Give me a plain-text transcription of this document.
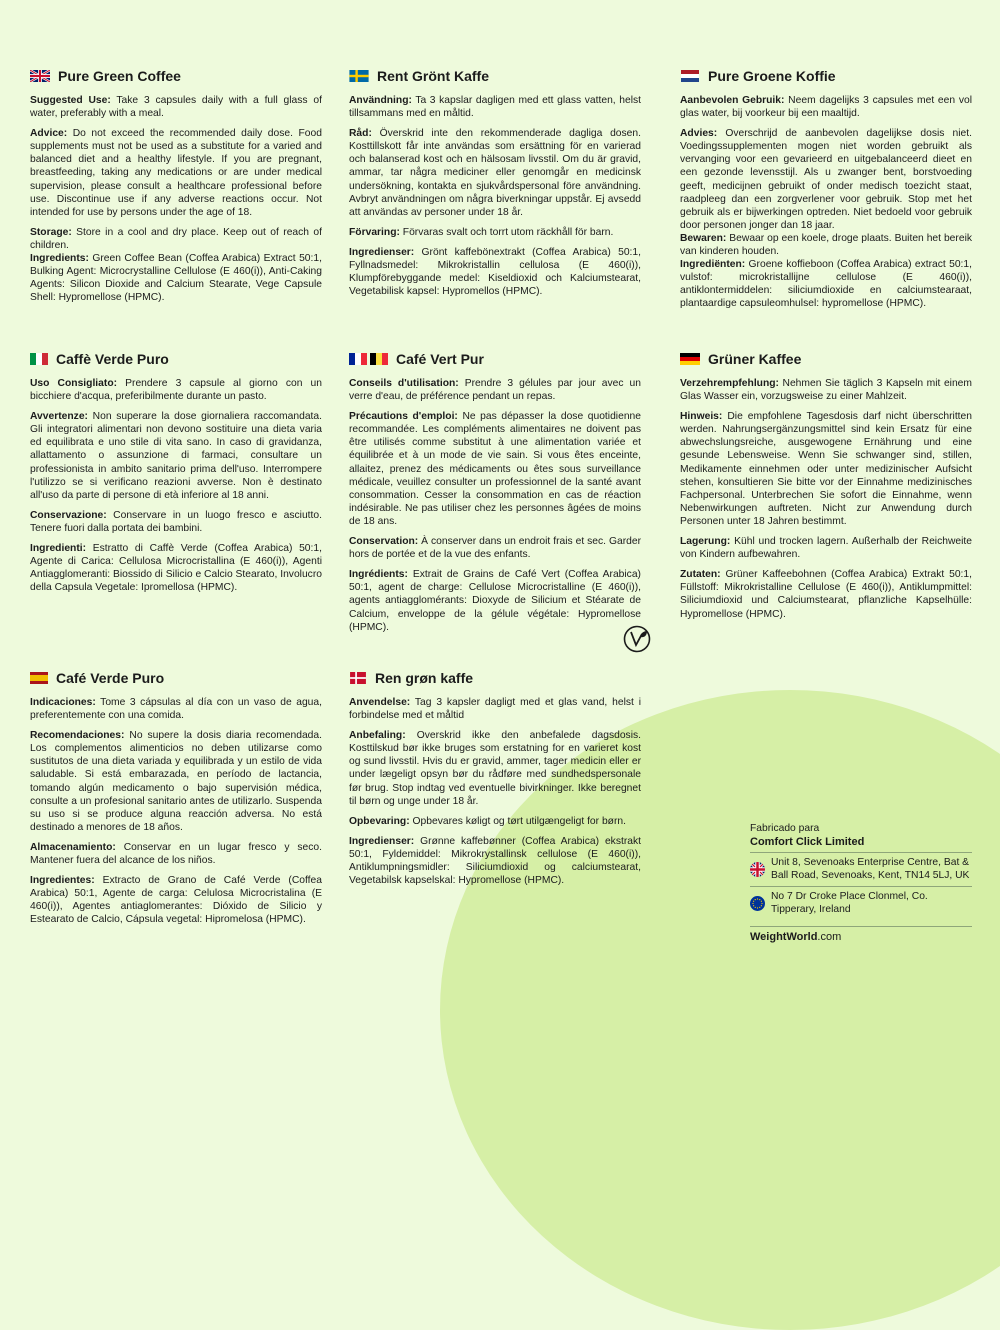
Pure Green Coffee

Suggested Use: Take 3 capsules daily with a full glass of water, preferably with a meal.

Advice: Do not exceed the recommended daily dose. Food supplements must not be used as a substitute for a varied and balanced diet and a healthy lifestyle. If you are pregnant, breastfeeding, taking any medications or are under medical supervision, please consult a healthcare professional before use. Discontinue use if any adverse reactions occur. Not intended for use by persons under the age of 18.

Storage: Store in a cool and dry place. Keep out of reach of children.

Ingredients: Green Coffee Bean (Coffea Arabica) Extract 50:1, Bulking Agent: Microcrystalline Cellulose (E 460(i)), Anti-Caking Agents: Silicon Dioxide and Calcium Stearate, Vege Capsule Shell: Hypromellose (HPMC).

Rent Grönt Kaffe

Användning: Ta 3 kapslar dagligen med ett glass vatten, helst tillsammans med en måltid.

Råd: Överskrid inte den rekommenderade dagliga dosen. Kosttillskott får inte användas som ersättning för en varierad och balanserad kost och en hälsosam livsstil. Om du är gravid, ammar, tar några mediciner eller genomgår en medicinsk undersökning, kontakta en sjukvårdspersonal före användning. Avbryt användningen om några biverkningar uppstår. Ej avsedd att användas av personer under 18 år.

Förvaring: Förvaras svalt och torrt utom räckhåll för barn.

Ingredienser: Grönt kaffebönextrakt (Coffea Arabica) 50:1, Fyllnadsmedel: Mikrokristallin cellulosa (E 460(i)), Klumpförebyggande medel: Kiseldioxid och Kalciumstearat, Vegetabilisk kapsel: Hypromellos (HPMC).

Pure Groene Koffie

Aanbevolen Gebruik: Neem dagelijks 3 capsules met een vol glas water, bij voorkeur bij een maaltijd.

Advies: Overschrijd de aanbevolen dagelijkse dosis niet. Voedingssupplementen mogen niet worden gebruikt als vervanging voor een gevarieerd en uitgebalanceerd dieet en een gezonde levensstijl. Als u zwanger bent, borstvoeding geeft, medicijnen gebruikt of onder medisch toezicht staat, raadpleeg dan een zorgverlener voor gebruik. Stop met het gebruik als er bijwerkingen optreden. Niet bedoeld voor gebruik door personen jonger dan 18 jaar.

Bewaren: Bewaar op een koele, droge plaats. Buiten het bereik van kinderen houden.

Ingrediënten: Groene koffieboon (Coffea Arabica) extract 50:1, vulstof: microkristallijne cellulose (E 460(i)), antiklontermiddelen: siliciumdioxide en calciumstearaat, plantaardige capsuleomhulsel: hypromellose (HPMC).

Caffè Verde Puro

Uso Consigliato: Prendere 3 capsule al giorno con un bicchiere d'acqua, preferibilmente durante un pasto.

Avvertenze: Non superare la dose giornaliera raccomandata. Gli integratori alimentari non devono sostituire una dieta varia ed equilibrata e uno stile di vita sano. In caso di gravidanza, allattamento o assunzione di farmaci, consultare un professionista in ambito sanitario prima dell'uso. Interrompere l'utilizzo se si verificano reazioni avverse. Non è destinato all'uso da parte di persone di età inferiore al 18 anni.

Conservazione: Conservare in un luogo fresco e asciutto. Tenere fuori dalla portata dei bambini.

Ingredienti: Estratto di Caffè Verde (Coffea Arabica) 50:1, Agente di Carica: Cellulosa Microcristallina (E 460(i)), Agenti Antiagglomeranti: Biossido di Silicio e Calcio Stearato, Involucro della Capsula Vegetale: Ipromellosa (HPMC).

Café Vert Pur

Conseils d'utilisation: Prendre 3 gélules par jour avec un verre d'eau, de préférence pendant un repas.

Précautions d'emploi: Ne pas dépasser la dose quotidienne recommandée. Les compléments alimentaires ne doivent pas être utilisés comme substitut à une alimentation variée et équilibrée et à un mode de vie sain. Si vous êtes enceinte, allaitez, prenez des médicaments ou êtes sous surveillance médicale, veuillez consulter un professionnel de la santé avant consommation. Cesser la consommation en cas de réaction indésirable. Ne pas utiliser chez les personnes âgées de moins de 18 ans.

Conservation: À conserver dans un endroit frais et sec. Garder hors de portée et de la vue des enfants.

Ingrédients: Extrait de Grains de Café Vert (Coffea Arabica) 50:1, agent de charge: Cellulose Microcristalline (E 460(i)), agents antiagglomérants: Dioxyde de Silicium et Stéarate de Calcium, enveloppe de la gélule végétale: Hypromellose (HPMC).

Grüner Kaffee

Verzehrempfehlung: Nehmen Sie täglich 3 Kapseln mit einem Glas Wasser ein, vorzugsweise zu einer Mahlzeit.

Hinweis: Die empfohlene Tagesdosis darf nicht überschritten werden. Nahrungsergänzungsmittel sind kein Ersatz für eine abwechslungsreiche, ausgewogene Ernährung und eine gesunde Lebensweise. Wenn Sie schwanger sind, stillen, Medikamente einnehmen oder unter medizinischer Aufsicht stehen, konsultieren Sie bitte vor der Einnahme medizinisches Fachpersonal. Unterbrechen Sie sofort die Einnahme, wenn Nebenwirkungen auftreten. Nicht zur Anwendung durch Personen unter 18 Jahren bestimmt.

Lagerung: Kühl und trocken lagern. Außerhalb der Reichweite von Kindern aufbewahren.

Zutaten: Grüner Kaffeebohnen (Coffea Arabica) Extrakt 50:1, Füllstoff: Mikrokristalline Cellulose (E 460(i)), Antiklumpmittel: Siliciumdioxid und Calciumstearat, pflanzliche Kapselhülle: Hypromellose (HPMC).

Café Verde Puro

Indicaciones: Tome 3 cápsulas al día con un vaso de agua, preferentemente con una comida.

Recomendaciones: No supere la dosis diaria recomendada. Los complementos alimenticios no deben utilizarse como sustitutos de una dieta variada y equilibrada y un estilo de vida saludable. Si está embarazada, en período de lactancia, tomando algún medicamento o bajo supervisión médica, consulte a un profesional sanitario antes de utilizarlo. Suspenda su uso si se produce alguna reacción adversa. No está destinado a menores de 18 años.

Almacenamiento: Conservar en un lugar fresco y seco. Mantener fuera del alcance de los niños.

Ingredientes: Extracto de Grano de Café Verde (Coffea Arabica) 50:1, Agente de carga: Celulosa Microcristalina (E 460(i)), Agentes antiaglomerantes: Dióxido de Silicio y Estearato de Calcio, Cápsula vegetal: Hipromelosa (HPMC).

Ren grøn kaffe

Anvendelse: Tag 3 kapsler dagligt med et glas vand, helst i forbindelse med et måltid

Anbefaling: Overskrid ikke den anbefalede dagsdosis. Kosttilskud bør ikke bruges som erstatning for en varieret kost og sund livsstil. Hvis du er gravid, ammer, tager medicin eller er under lægeligt opsyn bør du rådføre med sundhedspersonale før brug. Stop indtag ved eventuelle bivirkninger. Ikke beregnet til børn og unge under 18 år.

Opbevaring: Opbevares køligt og tørt utilgængeligt for børn.

Ingredienser: Grønne kaffebønner (Coffea Arabica) ekstrakt 50:1, Fyldemiddel: Mikrokrystallinsk cellulose (E 460(i)), Antiklumpningsmidler: Siliciumdioxid og calciumstearat, Vegetabilsk kapselskal: Hypromellose (HPMC).

Fabricado para
Comfort Click Limited
Unit 8, Sevenoaks Enterprise Centre, Bat & Ball Road, Sevenoaks, Kent, TN14 5LJ, UK
No 7 Dr Croke Place Clonmel, Co. Tipperary, Ireland
WeightWorld.com
